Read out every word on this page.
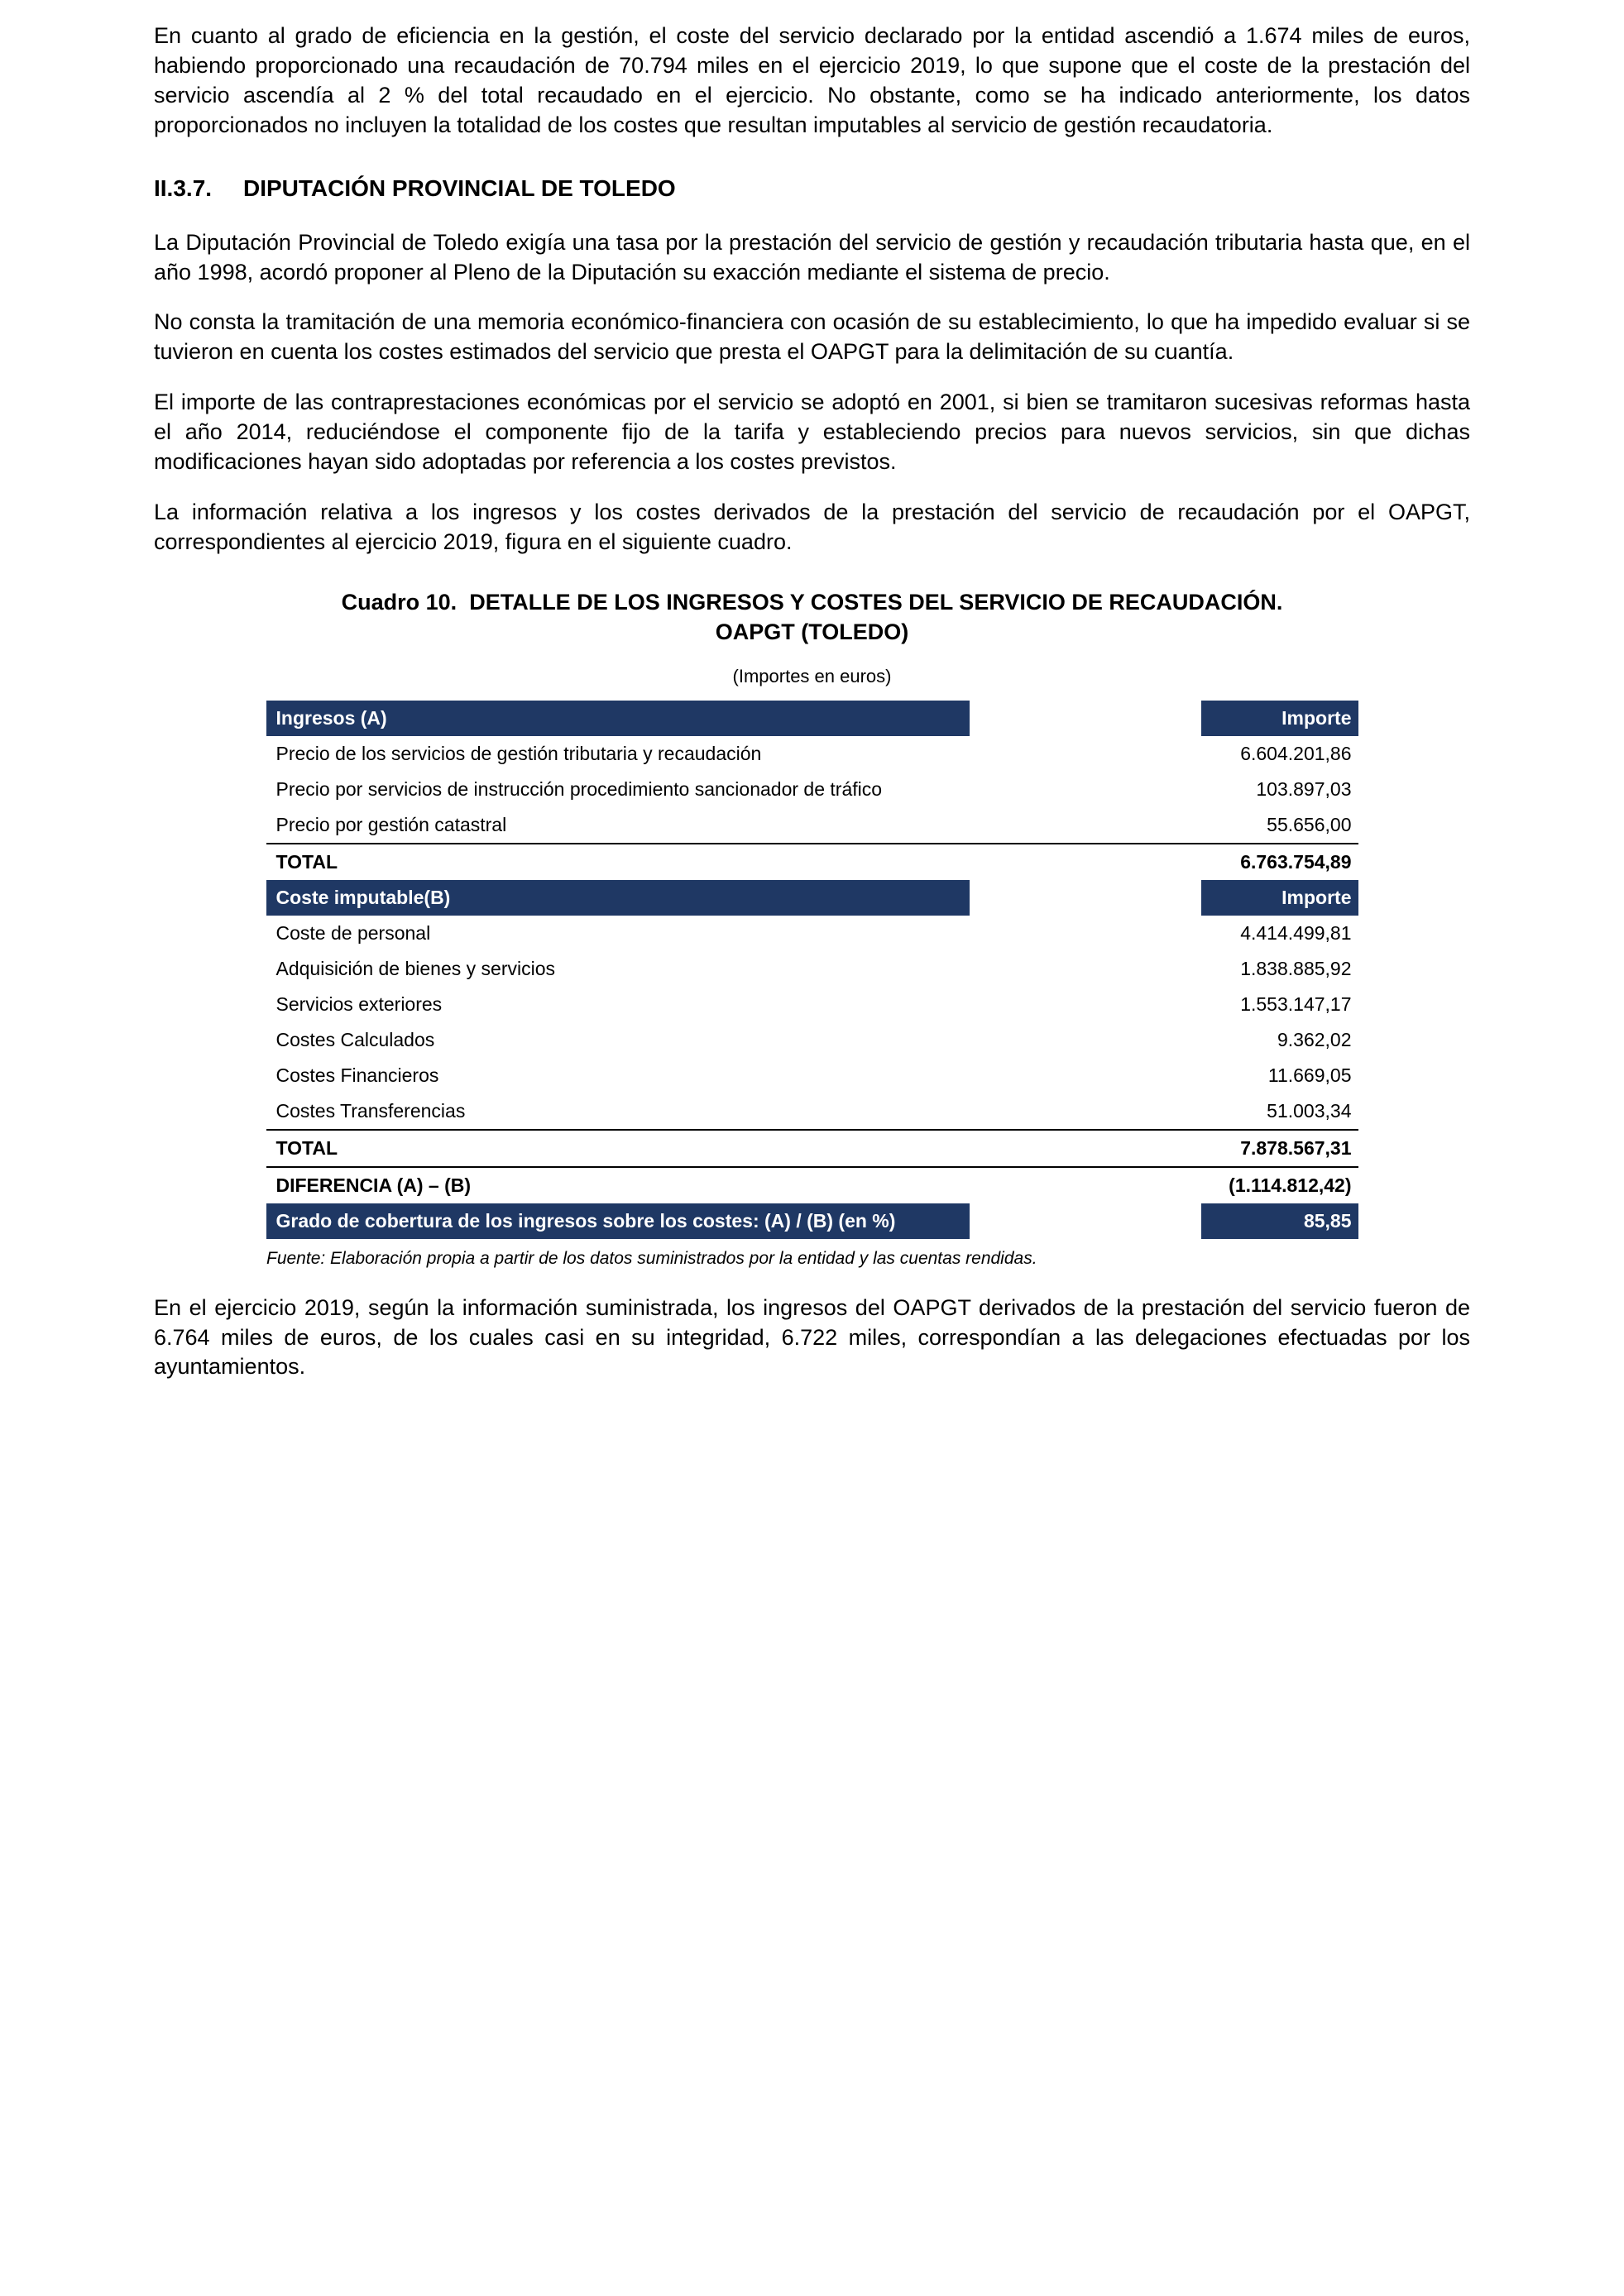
En cuanto al grado de eficiencia en la gestión, el coste del servicio declarado por la entidad ascendió a 1.674 miles de euros, habiendo proporcionado una recaudación de 70.794 miles en el ejercicio 2019, lo que supone que el coste de la prestación del servicio ascendía al 2 % del total recaudado en el ejercicio. No obstante, como se ha indicado anteriormente, los datos proporcionados no incluyen la totalidad de los costes que resultan imputables al servicio de gestión recaudatoria.

II.3.7. DIPUTACIÓN PROVINCIAL DE TOLEDO

La Diputación Provincial de Toledo exigía una tasa por la prestación del servicio de gestión y recaudación tributaria hasta que, en el año 1998, acordó proponer al Pleno de la Diputación su exacción mediante el sistema de precio.

No consta la tramitación de una memoria económico-financiera con ocasión de su establecimiento, lo que ha impedido evaluar si se tuvieron en cuenta los costes estimados del servicio que presta el OAPGT para la delimitación de su cuantía.

El importe de las contraprestaciones económicas por el servicio se adoptó en 2001, si bien se tramitaron sucesivas reformas hasta el año 2014, reduciéndose el componente fijo de la tarifa y estableciendo precios para nuevos servicios, sin que dichas modificaciones hayan sido adoptadas por referencia a los costes previstos.

La información relativa a los ingresos y los costes derivados de la prestación del servicio de recaudación por el OAPGT, correspondientes al ejercicio 2019, figura en el siguiente cuadro.

Cuadro 10. DETALLE DE LOS INGRESOS Y COSTES DEL SERVICIO DE RECAUDACIÓN.
OAPGT (TOLEDO)
(Importes en euros)
Ingresos (A)	Importe
Precio de los servicios de gestión tributaria y recaudación	6.604.201,86
Precio por servicios de instrucción procedimiento sancionador de tráfico	103.897,03
Precio por gestión catastral	55.656,00
TOTAL	6.763.754,89
Coste imputable(B)	Importe
Coste de personal	4.414.499,81
Adquisición de bienes y servicios	1.838.885,92
Servicios exteriores	1.553.147,17
Costes Calculados	9.362,02
Costes Financieros	11.669,05
Costes Transferencias	51.003,34
TOTAL	7.878.567,31
DIFERENCIA (A) – (B)	(1.114.812,42)
Grado de cobertura de los ingresos sobre los costes: (A) / (B) (en %)	85,85
Fuente: Elaboración propia a partir de los datos suministrados por la entidad y las cuentas rendidas.

En el ejercicio 2019, según la información suministrada, los ingresos del OAPGT derivados de la prestación del servicio fueron de 6.764 miles de euros, de los cuales casi en su integridad, 6.722 miles, correspondían a las delegaciones efectuadas por los ayuntamientos.
